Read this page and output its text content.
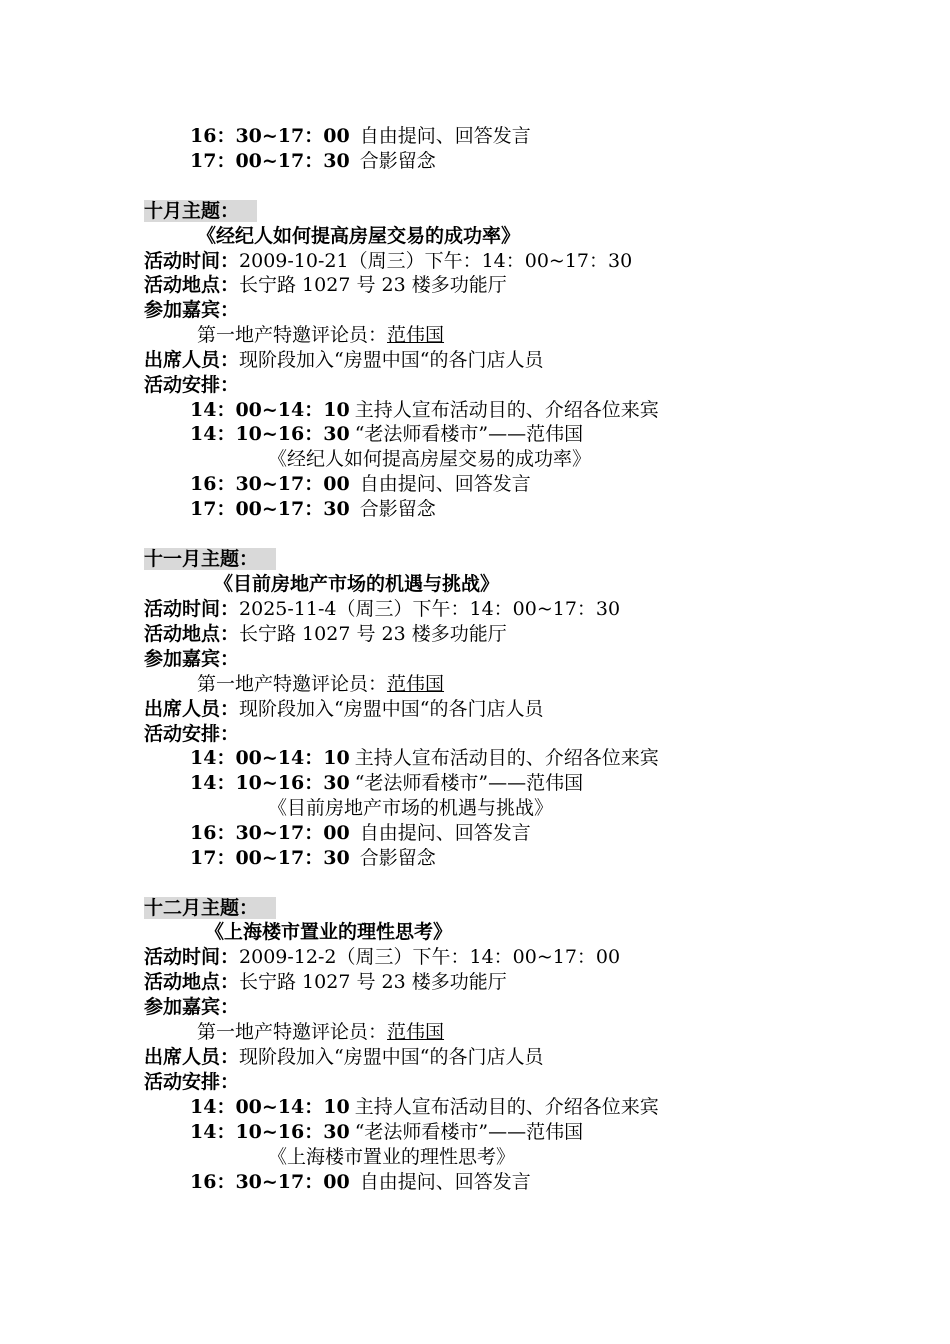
16：30~17：00 自由提问、回答发言
17：00~17：30 合影留念
十月主题：
《经纪人如何提高房屋交易的成功率》
活动时间：2009-10-21（周三）下午：14：00~17：30
活动地点：长宁路 1027 号 23 楼多功能厅
参加嘉宾：
第一地产特邀评论员：范伟国
出席人员：现阶段加入“房盟中国“的各门店人员
活动安排：
14：00~14：10 主持人宣布活动目的、介绍各位来宾
14：10~16：30 “老法师看楼市”——范伟国
《经纪人如何提高房屋交易的成功率》
16：30~17：00 自由提问、回答发言
17：00~17：30 合影留念
十一月主题：
《目前房地产市场的机遇与挑战》
活动时间：2025-11-4（周三）下午：14：00~17：30
活动地点：长宁路 1027 号 23 楼多功能厅
参加嘉宾：
第一地产特邀评论员：范伟国
出席人员：现阶段加入“房盟中国“的各门店人员
活动安排：
14：00~14：10 主持人宣布活动目的、介绍各位来宾
14：10~16：30 “老法师看楼市”——范伟国
《目前房地产市场的机遇与挑战》
16：30~17：00 自由提问、回答发言
17：00~17：30 合影留念
十二月主题：
《上海楼市置业的理性思考》
活动时间：2009-12-2（周三）下午：14：00~17：00
活动地点：长宁路 1027 号 23 楼多功能厅
参加嘉宾：
第一地产特邀评论员：范伟国
出席人员：现阶段加入“房盟中国“的各门店人员
活动安排：
14：00~14：10 主持人宣布活动目的、介绍各位来宾
14：10~16：30 “老法师看楼市”——范伟国
《上海楼市置业的理性思考》
16：30~17：00 自由提问、回答发言
